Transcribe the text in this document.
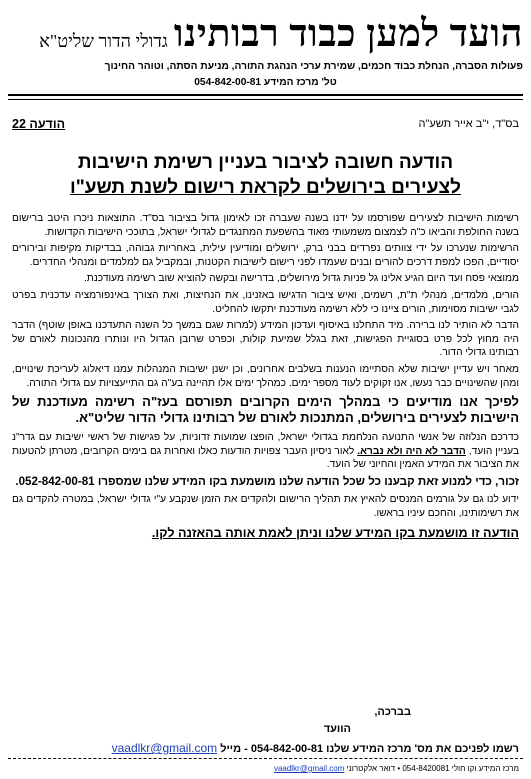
הועד למען כבוד רבותינו
גדולי הדור שליט"א
פעולות הסברה, הנחלת כבוד חכמים, שמירת ערכי הנהגת התורה, מניעת הסתה, וטוהר החינוך
טל' מרכז המידע 054-842-00-81
בס"ד, י"ב אייר תשע"ה
הודעה 22
הודעה חשובה לציבור בעניין רשימת הישיבות
לצעירים בירושלים לקראת רישום לשנת תשע"ו

רשימות הישיבות לצעירים שפורסמו על ידנו בשנה שעברה זכו לאימון גדול בציבור בס"ד. התוצאות ניכרו היטב ברישום בשנה החולפת והביאו כ"ה לצמצום משמעותי מאוד בהשפעת המתנגדים לגדולי ישראל, בתוככי הישיבות הקדושות.

הרשימות שנערכו על ידי צוותים נפרדים בבני ברק, ירושלים ומודיעין עילית, באחריות גבוהה, בבדיקות מקיפות ובירורים יסודיים, הפכו למפת דרכים להורים ובנים שעמדו לפני רישום לישיבות הקטנות, ובמקביל גם למלמדים ומנהלי החדרים.

ממוצאי פסח ועד היום הגיע אלינו גל פניות גדול מירושלים, בדרישה ובקשה להוציא שוב רשימה מעודכנת.

הורים, מלמדים, מנהלי ת"ת, רשמים, ואיש ציבור הדגישו באזנינו, את הנחיצות, ואת הצורך באינפורמציה עדכנית בפרט לגבי ישיבות מסוימות, הורים ציינו כי ללא רשימה מעודכנת יתקשו להחליט.

הדבר לא הותיר לנו ברירה. מיד התחלנו באיסוף ועדכון המידע (למרות שגם במשך כל השנה התעדכנו באופן שוטף) הדבר היה מחוץ לכל פרט בסוגיית הפגישות, זאת בגלל שמיעת קולות, וכפרט שרובן הגדול היו ונותרו מהנכונות לאורם של רבותינו גדולי הדור.

מאחר ויש עדיין ישיבות שלא הסתיימו הנענות בשלבים אחרונים, וכן ישנן ישיבות המנהלות עמנו דיאלוג לעריכת שינויים, ומהן שהשינויים כבר נעשו, אנו זקוקים לעוד מספר ימים. כמהלך ימים אלו תהיינה בע"ה גם התייעצויות עם גדולי התורה.

לפיכך אנו מודיעים כי במהלך הימים הקרובים תפורסם בעז"ה רשימה מעודכנת של הישיבות לצעירים בירושלים, המתנכות לאורם של רבותינו גדולי הדור שליט"א.

כדרכם הנלוזה של אנשי התנועה הנלחמת בגדולי ישראל, הופצו שמועות זדוניות, על פגישות של ראשי ישיבות עם גדר"נ בעניין הועד, הדבר לא היה ולא נברא. לאור ניסיון העבר צפויות הודעות כאלו ואחרות גם בימים הקרובים, מטרתן להטעות את הציבור את המידע האמין והחיוני של הועד.

זכור, כדי למנוע זאת קבענו כל שכל הודעה שלנו מושמעת בקו המידע שלנו שמספרו 052-842-00-81.

ידוע לנו גם על גורמים המנסים להאיץ את תהליך הרישום ולהקדים את הזמן שנקבע ע"י גדולי ישראל, במטרה להקדים גם את רשימותינו, והחכם עיניו בראשו.

הודעה זו מושמעת בקו המידע שלנו וניתן לאמת אותה בהאזנה לקו.

בברכה,
הוועד
רשמו לפניכם את מס' מרכז המידע שלנו 054-842-00-81 - מייל vaadlkr@gmail.com
מרכז המידע וקו חולי 054-8420081 • דואר אלקטרוני vaadlkr@gmail.com
